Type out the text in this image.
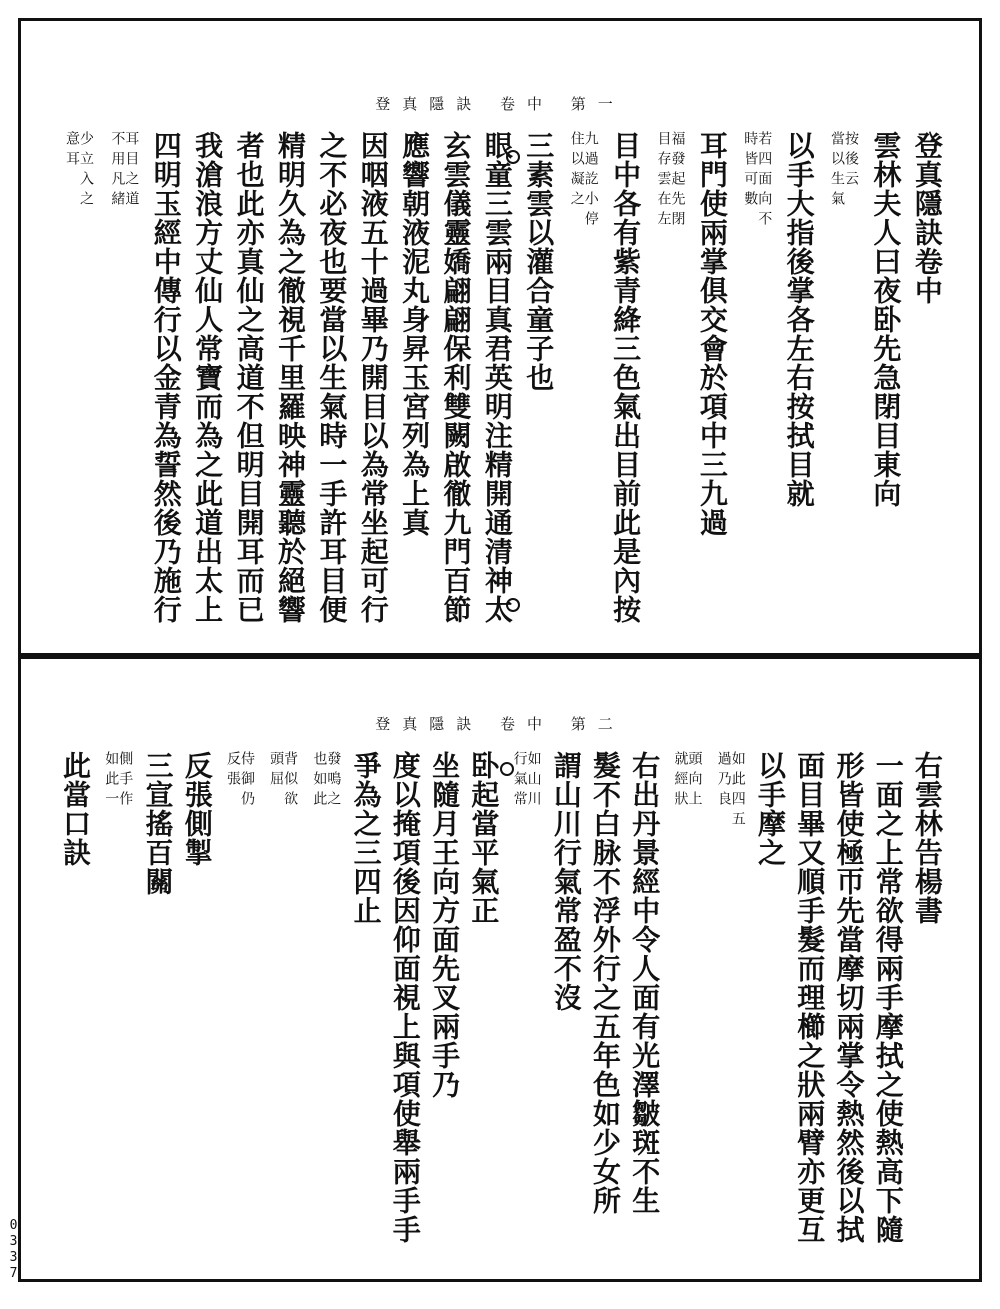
登真隱訣 卷中 第一
登真隱訣卷中
雲林夫人曰夜卧先急閉目東向
按後云
當以生氣
以手大指後掌各左右按拭目就
若四面向不
時皆可數
耳門使兩掌俱交會於項中三九過
福發起先閉
目存雲在左
目中各有紫青絳三色氣出目前此是內按
九過訖小停
住以凝之
三素雲以灌合童子也
眼童三雲兩目真君英明注精開通清神太
玄雲儀靈嬌翩翩保利雙闕啟徹九門百節
應響朝液泥丸身昇玉宮列為上真
因咽液五十過畢乃開目以為常坐起可行
之不必夜也要當以生氣時一手許耳目便
精明久為之徹視千里羅映神靈聽於絕響
者也此亦真仙之高道不但明目開耳而已
我滄浪方丈仙人常寶而為之此道出太上
四明玉經中傳行以金青為誓然後乃施行
耳目之道
不用凡緒
少立入之
意耳
登真隱訣 卷中 第二
右雲林告楊書
一面之上常欲得兩手摩拭之使熱高下隨
形皆使極帀先當摩切兩掌令熱然後以拭
面目畢又順手髮而理櫛之狀兩臂亦更互
以手摩之
如此四五
過乃良
頭向上
就經狀
右出丹景經中令人面有光澤皺斑不生
髮不白脉不浮外行之五年色如少女所
謂山川行氣常盈不沒
如山川
行氣常
卧起當平氣正
坐隨月王向方面先叉兩手乃
度以掩項後因仰面視上與項使舉兩手手
爭為之三四止
發鳴之
也如此
背似欲
頭屈
侍御仍
反張
反張側掣
三宣搖百關
側手作
如此一
此當口訣
0337
